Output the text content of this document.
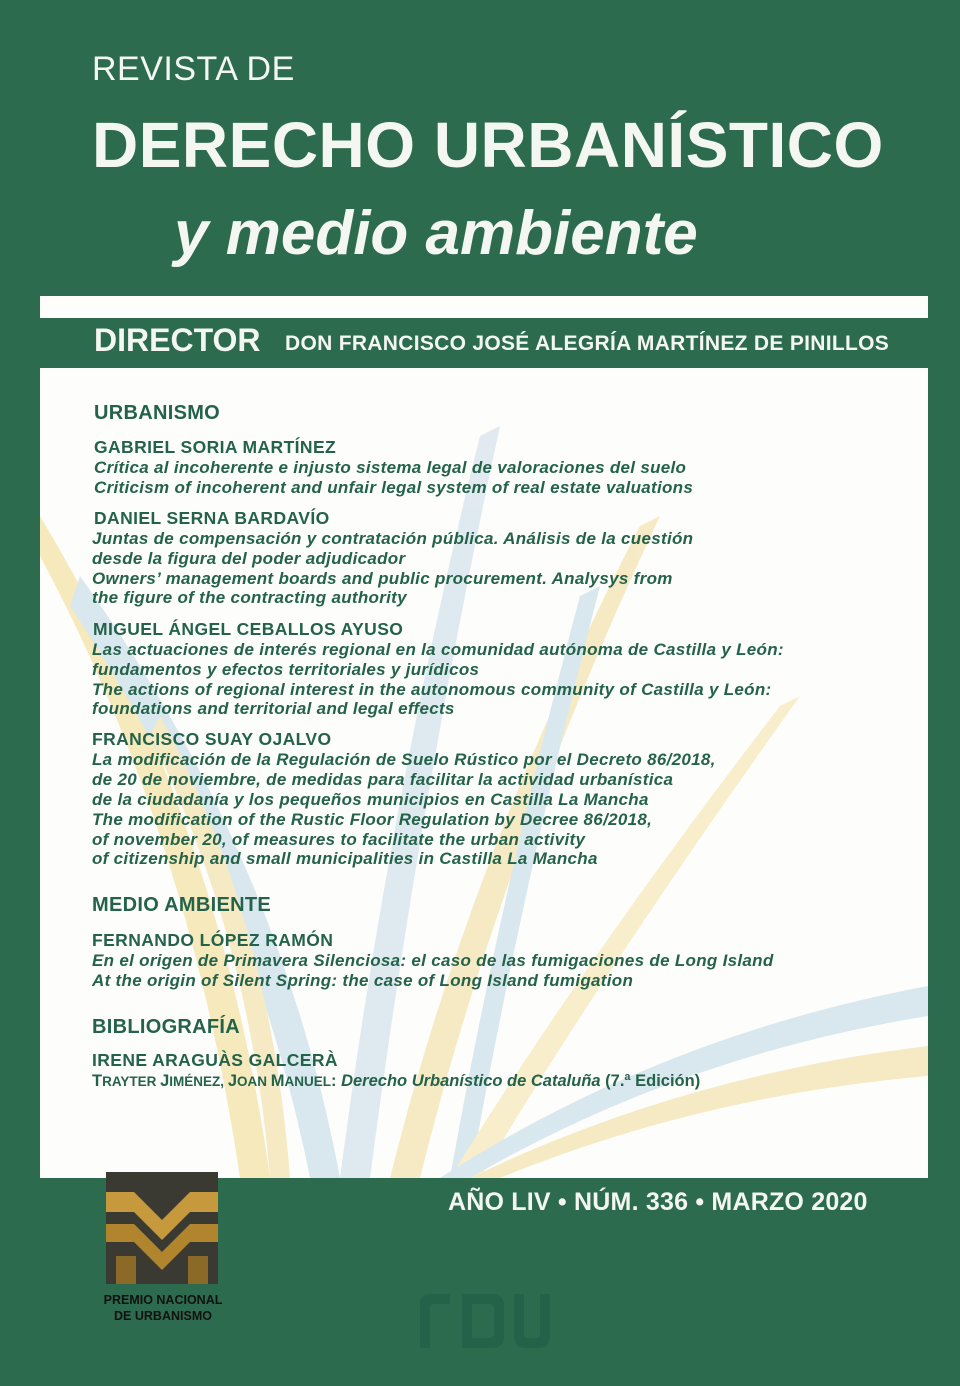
REVISTA DE
DERECHO URBANÍSTICO
y medio ambiente
DIRECTOR DON FRANCISCO JOSÉ ALEGRÍA MARTÍNEZ DE PINILLOS
URBANISMO
GABRIEL SORIA MARTÍNEZ
Crítica al incoherente e injusto sistema legal de valoraciones del suelo
Criticism of incoherent and unfair legal system of real estate valuations
DANIEL SERNA BARDAVÍO
Juntas de compensación y contratación pública. Análisis de la cuestión
desde la figura del poder adjudicador
Owners’ management boards and public procurement. Analysys from
the figure of the contracting authority
MIGUEL ÁNGEL CEBALLOS AYUSO
Las actuaciones de interés regional en la comunidad autónoma de Castilla y León:
fundamentos y efectos territoriales y jurídicos
The actions of regional interest in the autonomous community of Castilla y León:
foundations and territorial and legal effects
FRANCISCO SUAY OJALVO
La modificación de la Regulación de Suelo Rústico por el Decreto 86/2018,
de 20 de noviembre, de medidas para facilitar la actividad urbanística
de la ciudadanía y los pequeños municipios en Castilla La Mancha
The modification of the Rustic Floor Regulation by Decree 86/2018,
of november 20, of measures to facilitate the urban activity
of citizenship and small municipalities in Castilla La Mancha
MEDIO AMBIENTE
FERNANDO LÓPEZ RAMÓN
En el origen de Primavera Silenciosa: el caso de las fumigaciones de Long Island
At the origin of Silent Spring: the case of Long Island fumigation
BIBLIOGRAFÍA
IRENE ARAGUÀS GALCERÀ
TRAYTER JIMÉNEZ, JOAN MANUEL: Derecho Urbanístico de Cataluña (7.ª Edición)
AÑO LIV • NÚM. 336 • MARZO 2020
PREMIO NACIONAL
DE URBANISMO
